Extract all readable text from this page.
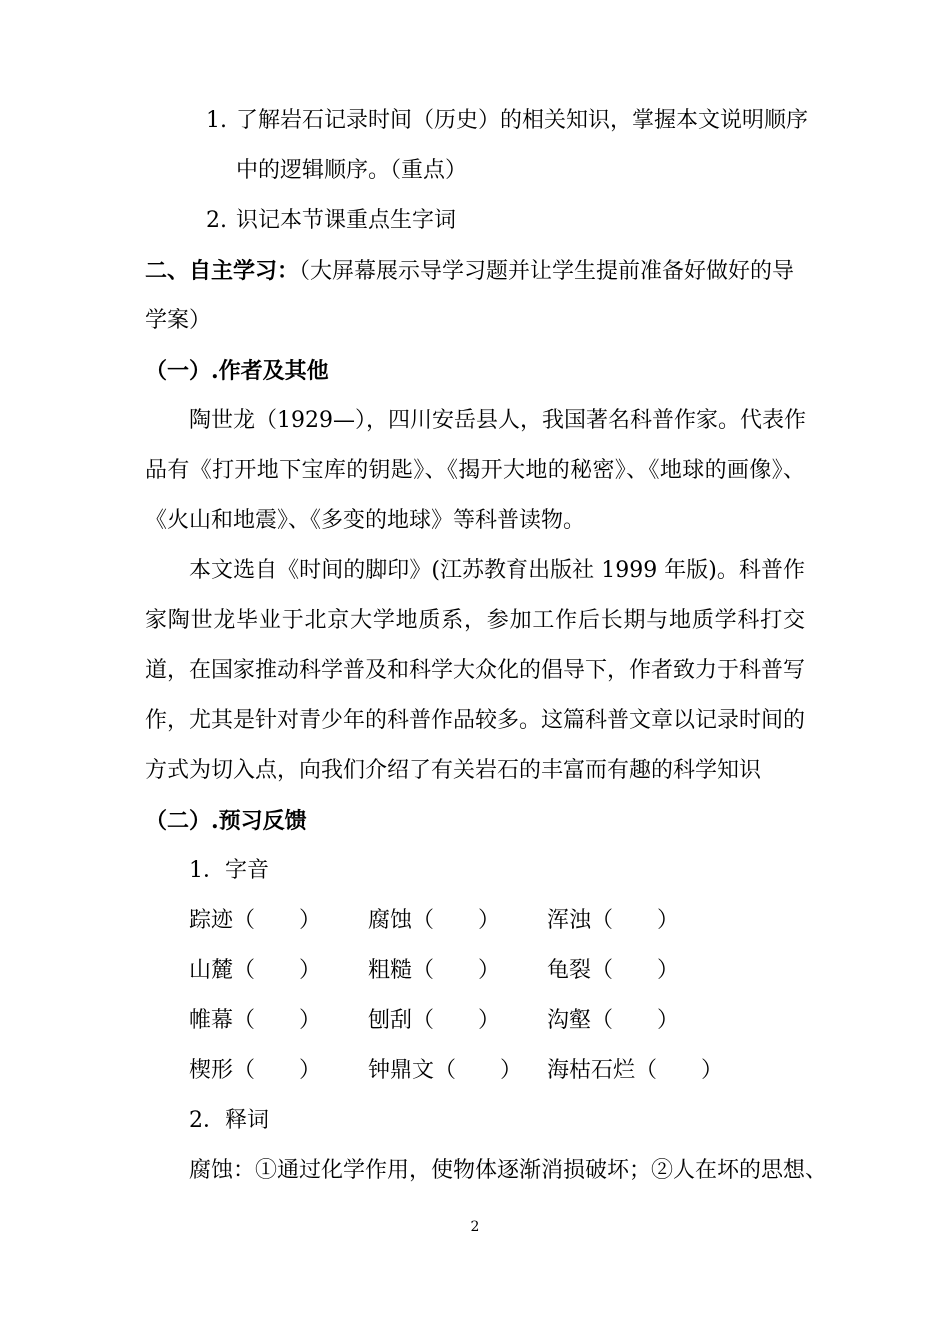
1. 了解岩石记录时间（历史）的相关知识，掌握本文说明顺序
中的逻辑顺序。（重点）
2. 识记本节课重点生字词
二、自主学习：（大屏幕展示导学习题并让学生提前准备好做好的导
学案）
（一）.作者及其他
陶世龙（1929—），四川安岳县人，我国著名科普作家。代表作
品有《打开地下宝库的钥匙》、《揭开大地的秘密》、《地球的画像》、
《火山和地震》、《多变的地球》等科普读物。
本文选自《时间的脚印》(江苏教育出版社 1999 年版)。科普作
家陶世龙毕业于北京大学地质系，参加工作后长期与地质学科打交
道，在国家推动科学普及和科学大众化的倡导下，作者致力于科普写
作，尤其是针对青少年的科普作品较多。这篇科普文章以记录时间的
方式为切入点，向我们介绍了有关岩石的丰富而有趣的科学知识
（二）.预习反馈
1．字音
踪迹（　　） 腐蚀（　　） 浑浊（　　）
山麓（　　） 粗糙（　　） 龟裂（　　）
帷幕（　　） 刨刮（　　） 沟壑（　　）
楔形（　　） 钟鼎文（　　） 海枯石烂（　　）
2．释词
腐蚀：①通过化学作用，使物体逐渐消损破坏；②人在坏的思想、
2
